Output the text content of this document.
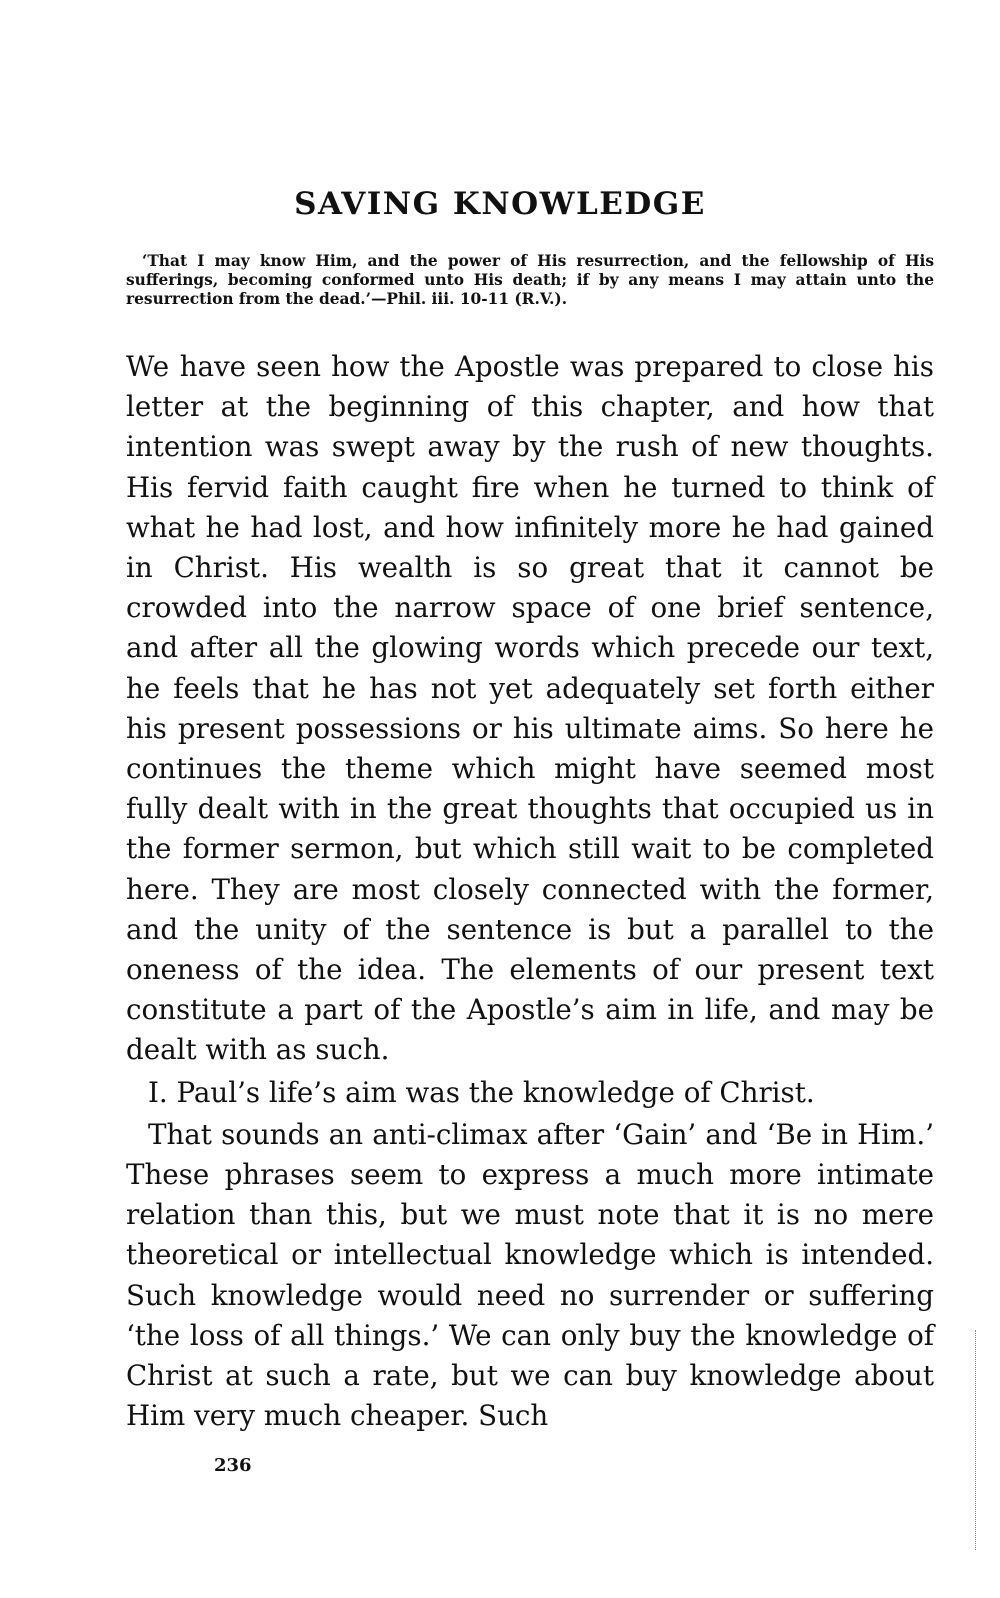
SAVING KNOWLEDGE
‘That I may know Him, and the power of His resurrection, and the fellowship of His sufferings, becoming conformed unto His death; if by any means I may attain unto the resurrection from the dead.’—Phil. iii. 10-11 (R.V.).

We have seen how the Apostle was prepared to close his letter at the beginning of this chapter, and how that intention was swept away by the rush of new thoughts. His fervid faith caught fire when he turned to think of what he had lost, and how infinitely more he had gained in Christ. His wealth is so great that it cannot be crowded into the narrow space of one brief sentence, and after all the glowing words which precede our text, he feels that he has not yet adequately set forth either his present possessions or his ultimate aims. So here he continues the theme which might have seemed most fully dealt with in the great thoughts that occupied us in the former sermon, but which still wait to be completed here. They are most closely connected with the former, and the unity of the sentence is but a parallel to the oneness of the idea. The elements of our present text constitute a part of the Apostle’s aim in life, and may be dealt with as such.

I. Paul’s life’s aim was the knowledge of Christ.

That sounds an anti-climax after ‘Gain’ and ‘Be in Him.’ These phrases seem to express a much more intimate relation than this, but we must note that it is no mere theoretical or intellectual knowledge which is intended. Such knowledge would need no surrender or suffering ‘the loss of all things.’ We can only buy the knowledge of Christ at such a rate, but we can buy knowledge about Him very much cheaper. Such

236
